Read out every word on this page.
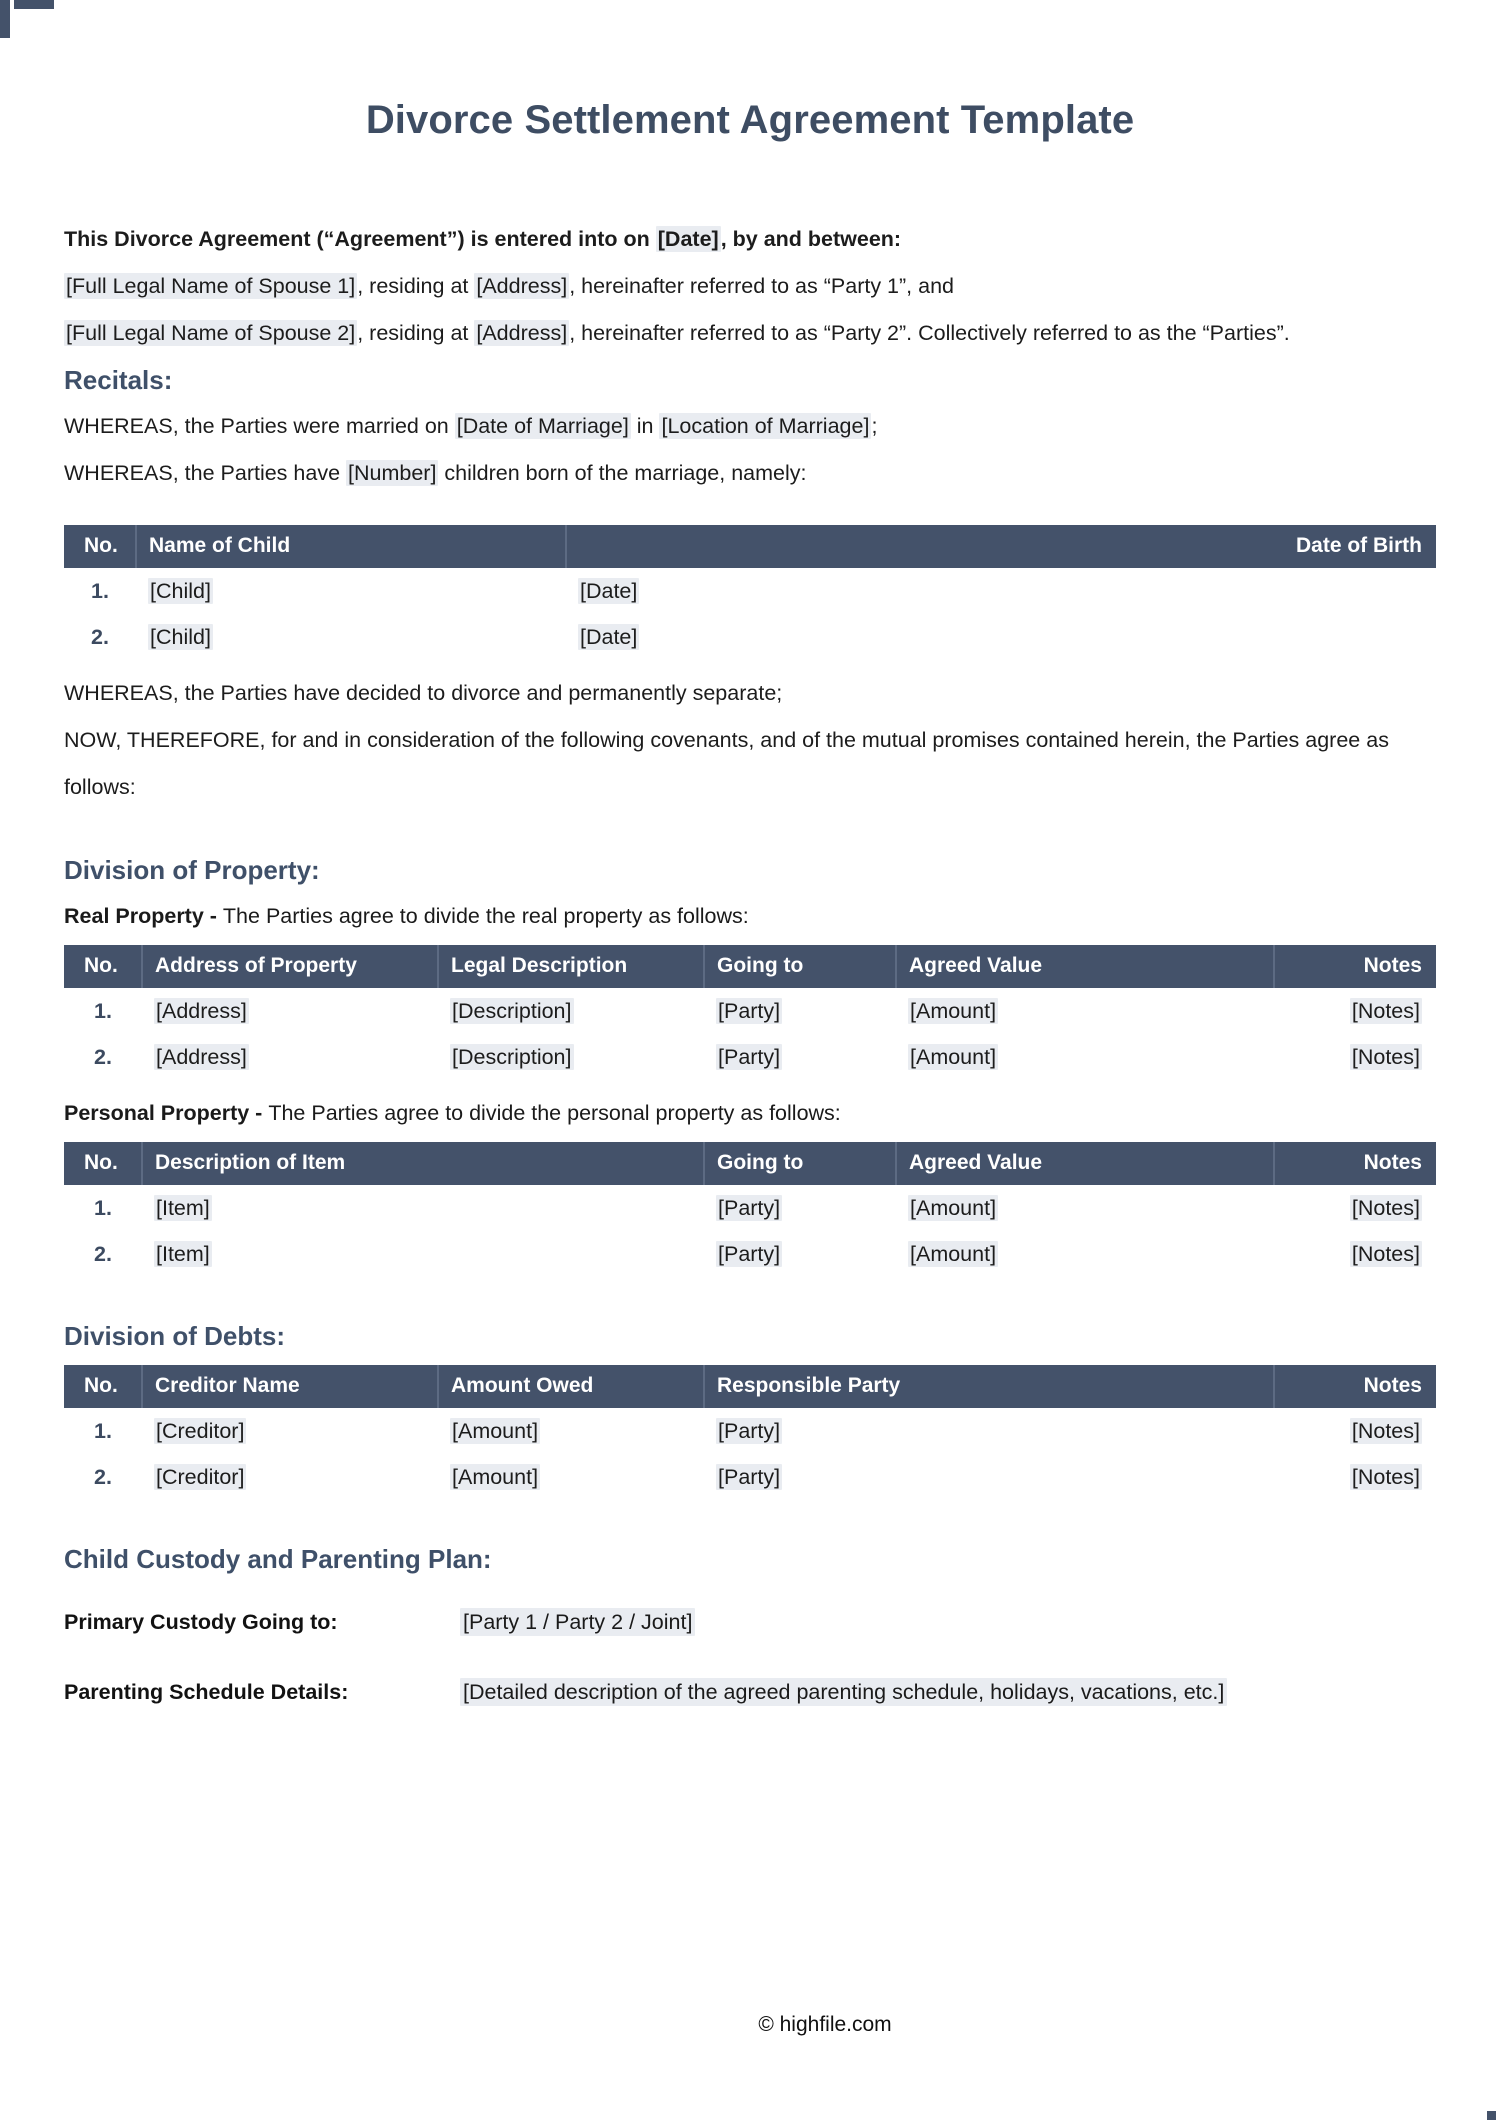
Divorce Settlement Agreement Template

This Divorce Agreement (“Agreement”) is entered into on [Date], by and between:

[Full Legal Name of Spouse 1], residing at [Address], hereinafter referred to as “Party 1”, and

[Full Legal Name of Spouse 2], residing at [Address], hereinafter referred to as “Party 2”. Collectively referred to as the “Parties”.

Recitals:

WHEREAS, the Parties were married on [Date of Marriage] in [Location of Marriage];

WHEREAS, the Parties have [Number] children born of the marriage, namely:

No.	Name of Child	Date of Birth
1.	[Child]	[Date]
2.	[Child]	[Date]

WHEREAS, the Parties have decided to divorce and permanently separate;

NOW, THEREFORE, for and in consideration of the following covenants, and of the mutual promises contained herein, the Parties agree as follows:

Division of Property:

Real Property - The Parties agree to divide the real property as follows:

No.	Address of Property	Legal Description	Going to	Agreed Value	Notes
1.	[Address]	[Description]	[Party]	[Amount]	[Notes]
2.	[Address]	[Description]	[Party]	[Amount]	[Notes]

Personal Property - The Parties agree to divide the personal property as follows:

No.	Description of Item	Going to	Agreed Value	Notes
1.	[Item]	[Party]	[Amount]	[Notes]
2.	[Item]	[Party]	[Amount]	[Notes]
Division of Debts:
No.	Creditor Name	Amount Owed	Responsible Party	Notes
1.	[Creditor]	[Amount]	[Party]	[Notes]
2.	[Creditor]	[Amount]	[Party]	[Notes]
Child Custody and Parenting Plan:
Primary Custody Going to:	[Party 1 / Party 2 / Joint]
Parenting Schedule Details:	[Detailed description of the agreed parenting schedule, holidays, vacations, etc.]
© highfile.com
